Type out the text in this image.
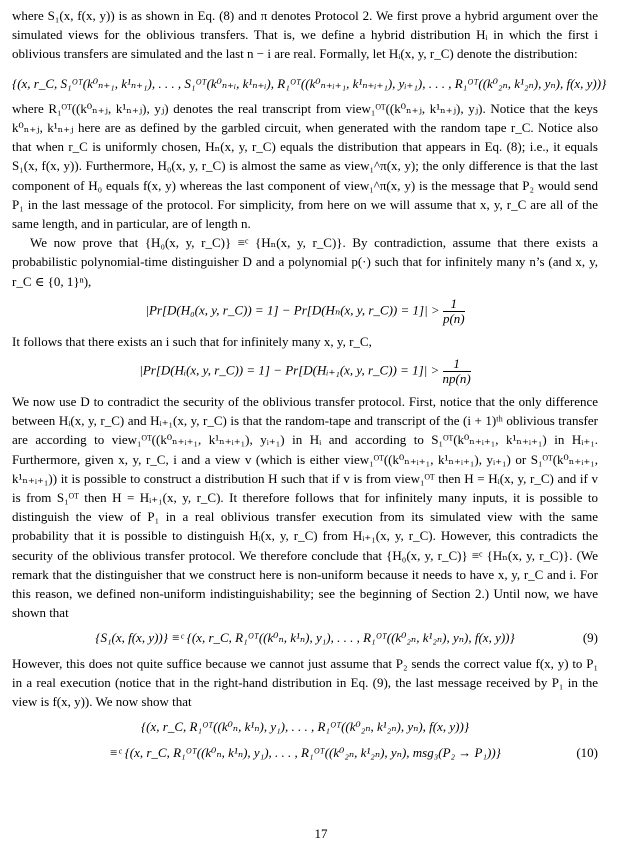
where S₁(x, f(x, y)) is as shown in Eq. (8) and π denotes Protocol 2. We first prove a hybrid argument over the simulated views for the oblivious transfers. That is, we define a hybrid distribution Hᵢ in which the first i oblivious transfers are simulated and the last n − i are real. Formally, let Hᵢ(x, y, r_C) denote the distribution:

{(x, r_C, S₁ᴼᵀ(k⁰ₙ₊₁, k¹ₙ₊₁), . . . , S₁ᴼᵀ(k⁰ₙ₊ᵢ, k¹ₙ₊ᵢ), R₁ᴼᵀ((k⁰ₙ₊ᵢ₊₁, k¹ₙ₊ᵢ₊₁), yᵢ₊₁), . . . , R₁ᴼᵀ((k⁰₂ₙ, k¹₂ₙ), yₙ), f(x, y))}

where R₁ᴼᵀ((k⁰ₙ₊ⱼ, k¹ₙ₊ⱼ), yⱼ) denotes the real transcript from view₁ᴼᵀ((k⁰ₙ₊ⱼ, k¹ₙ₊ⱼ), yⱼ). Notice that the keys k⁰ₙ₊ⱼ, k¹ₙ₊ⱼ here are as defined by the garbled circuit, when generated with the random tape r_C. Notice also that when r_C is uniformly chosen, Hₙ(x, y, r_C) equals the distribution that appears in Eq. (8); i.e., it equals S₁(x, f(x, y)). Furthermore, H₀(x, y, r_C) is almost the same as view₁^π(x, y); the only difference is that the last component of H₀ equals f(x, y) whereas the last component of view₁^π(x, y) is the message that P₂ would send P₁ in the last message of the protocol. For simplicity, from here on we will assume that x, y, r_C are all of the same length, and in particular, are of length n.

We now prove that {H₀(x, y, r_C)} ≡ᶜ {Hₙ(x, y, r_C)}. By contradiction, assume that there exists a probabilistic polynomial-time distinguisher D and a polynomial p(·) such that for infinitely many n’s (and x, y, r_C ∈ {0, 1}ⁿ),

|Pr[D(H₀(x, y, r_C)) = 1] − Pr[D(Hₙ(x, y, r_C)) = $1]| > \frac{1}{p(n)}$

It follows that there exists an i such that for infinitely many x, y, r_C,

|Pr[D(Hᵢ(x, y, r_C)) = 1] − Pr[D(Hᵢ₊₁(x, y, r_C)) = $1]| > \frac{1}{np(n)}$

We now use D to contradict the security of the oblivious transfer protocol. First, notice that the only difference between Hᵢ(x, y, r_C) and Hᵢ₊₁(x, y, r_C) is that the random-tape and transcript of the (i + 1)ᵗʰ oblivious transfer are according to view₁ᴼᵀ((k⁰ₙ₊ᵢ₊₁, k¹ₙ₊ᵢ₊₁), yᵢ₊₁) in Hᵢ and according to S₁ᴼᵀ(k⁰ₙ₊ᵢ₊₁, k¹ₙ₊ᵢ₊₁) in Hᵢ₊₁. Furthermore, given x, y, r_C, i and a view v (which is either view₁ᴼᵀ((k⁰ₙ₊ᵢ₊₁, k¹ₙ₊ᵢ₊₁), yᵢ₊₁) or S₁ᴼᵀ(k⁰ₙ₊ᵢ₊₁, k¹ₙ₊ᵢ₊₁)) it is possible to construct a distribution H such that if v is from view₁ᴼᵀ then H = Hᵢ(x, y, r_C) and if v is from S₁ᴼᵀ then H = Hᵢ₊₁(x, y, r_C). It therefore follows that for infinitely many inputs, it is possible to distinguish the view of P₁ in a real oblivious transfer execution from its simulated view with the same probability that it is possible to distinguish Hᵢ(x, y, r_C) from Hᵢ₊₁(x, y, r_C). However, this contradicts the security of the oblivious transfer protocol. We therefore conclude that {H₀(x, y, r_C)} ≡ᶜ {Hₙ(x, y, r_C)}. (We remark that the distinguisher that we construct here is non-uniform because it needs to have x, y, r_C and i. For this reason, we defined non-uniform indistinguishability; see the beginning of Section 2.) Until now, we have shown that

{S₁(x, f(x, y))} ≡ᶜ {(x, r_C, R₁ᴼᵀ((k⁰ₙ, k¹ₙ), y₁), . . . , R₁ᴼᵀ((k⁰₂ₙ, k¹₂ₙ), yₙ), f(x, y))}	(9)

However, this does not quite suffice because we cannot just assume that P₂ sends the correct value f(x, y) to P₁ in a real execution (notice that in the right-hand distribution in Eq. (9), the last message received by P₁ in the view is f(x, y)). We now show that

{(x, r_C, R₁ᴼᵀ((k⁰ₙ, k¹ₙ), y₁), . . . , R₁ᴼᵀ((k⁰₂ₙ, k¹₂ₙ), yₙ), f(x, y))}
≡ᶜ {(x, r_C, R₁ᴼᵀ((k⁰ₙ, k¹ₙ), y₁), . . . , R₁ᴼᵀ((k⁰₂ₙ, k¹₂ₙ), yₙ), msg₃(P₂ → P₁))}	(10)
17
